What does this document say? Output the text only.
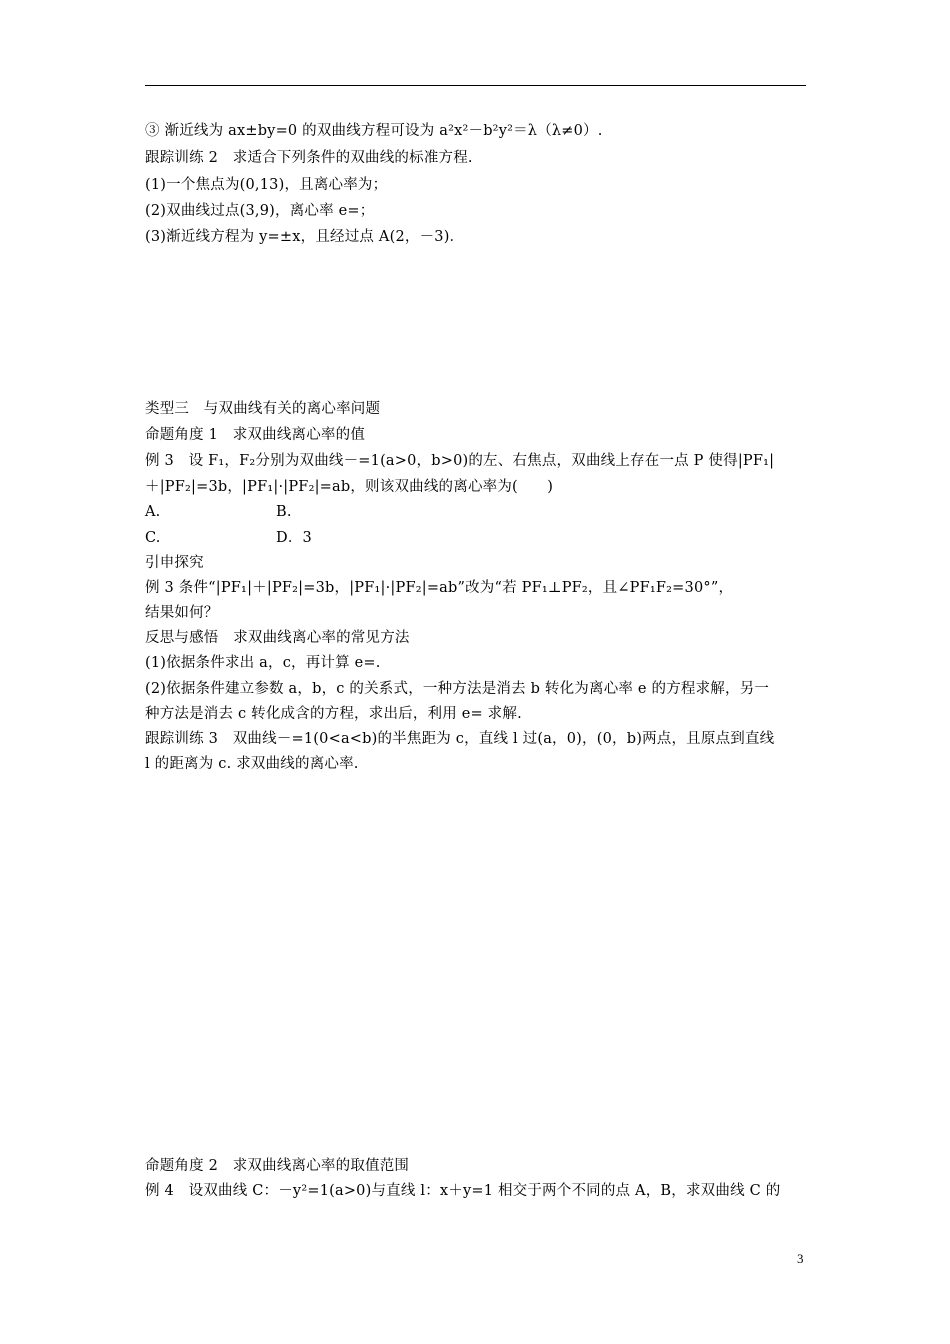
③ 渐近线为 ax±by=0 的双曲线方程可设为 a²x²－b²y²＝λ（λ≠0）.
跟踪训练 2　求适合下列条件的双曲线的标准方程.
(1)一个焦点为(0,13)，且离心率为；
(2)双曲线过点(3,9)，离心率 e=；
(3)渐近线方程为 y=±x，且经过点 A(2，－3)．
类型三　与双曲线有关的离心率问题
命题角度 1　求双曲线离心率的值
例 3　设 F₁，F₂分别为双曲线－=1(a>0，b>0)的左、右焦点，双曲线上存在一点 P 使得|PF₁|
＋|PF₂|=3b，|PF₁|·|PF₂|=ab，则该双曲线的离心率为(　　)
A.	B.
C.	D．3
引申探究
例 3 条件“|PF₁|＋|PF₂|=3b，|PF₁|·|PF₂|=ab”改为“若 PF₁⊥PF₂，且∠PF₁F₂=30°”，
结果如何？
反思与感悟　求双曲线离心率的常见方法
(1)依据条件求出 a，c，再计算 e=.
(2)依据条件建立参数 a，b，c 的关系式，一种方法是消去 b 转化为离心率 e 的方程求解，另一
种方法是消去 c 转化成含的方程，求出后，利用 e= 求解.
跟踪训练 3　双曲线－=1(0<a<b)的半焦距为 c，直线 l 过(a，0)，(0，b)两点，且原点到直线
l 的距离为 c. 求双曲线的离心率.
命题角度 2　求双曲线离心率的取值范围
例 4　设双曲线 C：－y²=1(a>0)与直线 l：x＋y=1 相交于两个不同的点 A，B，求双曲线 C 的
3
